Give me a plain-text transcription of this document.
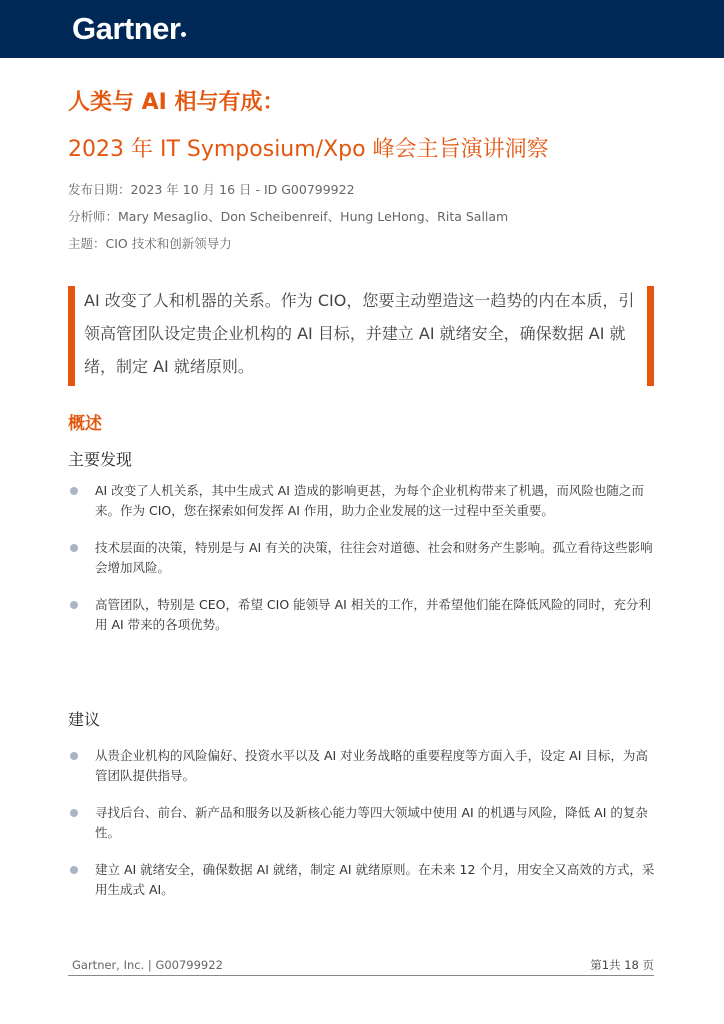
Gartner
人类与 AI 相与有成：
2023 年 IT Symposium/Xpo 峰会主旨演讲洞察
发布日期：2023 年 10 月 16 日 - ID G00799922
分析师：Mary Mesaglio、Don Scheibenreif、Hung LeHong、Rita Sallam
主题：CIO 技术和创新领导力
AI 改变了人和机器的关系。作为 CIO，您要主动塑造这一趋势的内在本质，引领高管团队设定贵企业机构的 AI 目标，并建立 AI 就绪安全，确保数据 AI 就绪，制定 AI 就绪原则。
概述
主要发现
AI 改变了人机关系，其中生成式 AI 造成的影响更甚，为每个企业机构带来了机遇，而风险也随之而来。作为 CIO，您在探索如何发挥 AI 作用，助力企业发展的这一过程中至关重要。
技术层面的决策，特别是与 AI 有关的决策，往往会对道德、社会和财务产生影响。孤立看待这些影响会增加风险。
高管团队，特别是 CEO，希望 CIO 能领导 AI 相关的工作，并希望他们能在降低风险的同时，充分利用 AI 带来的各项优势。
建议
从贵企业机构的风险偏好、投资水平以及 AI 对业务战略的重要程度等方面入手，设定 AI 目标，为高管团队提供指导。
寻找后台、前台、新产品和服务以及新核心能力等四大领域中使用 AI 的机遇与风险，降低 AI 的复杂性。
建立 AI 就绪安全，确保数据 AI 就绪，制定 AI 就绪原则。在未来 12 个月，用安全又高效的方式，采用生成式 AI。
Gartner, Inc. | G00799922	第1共 18 页
